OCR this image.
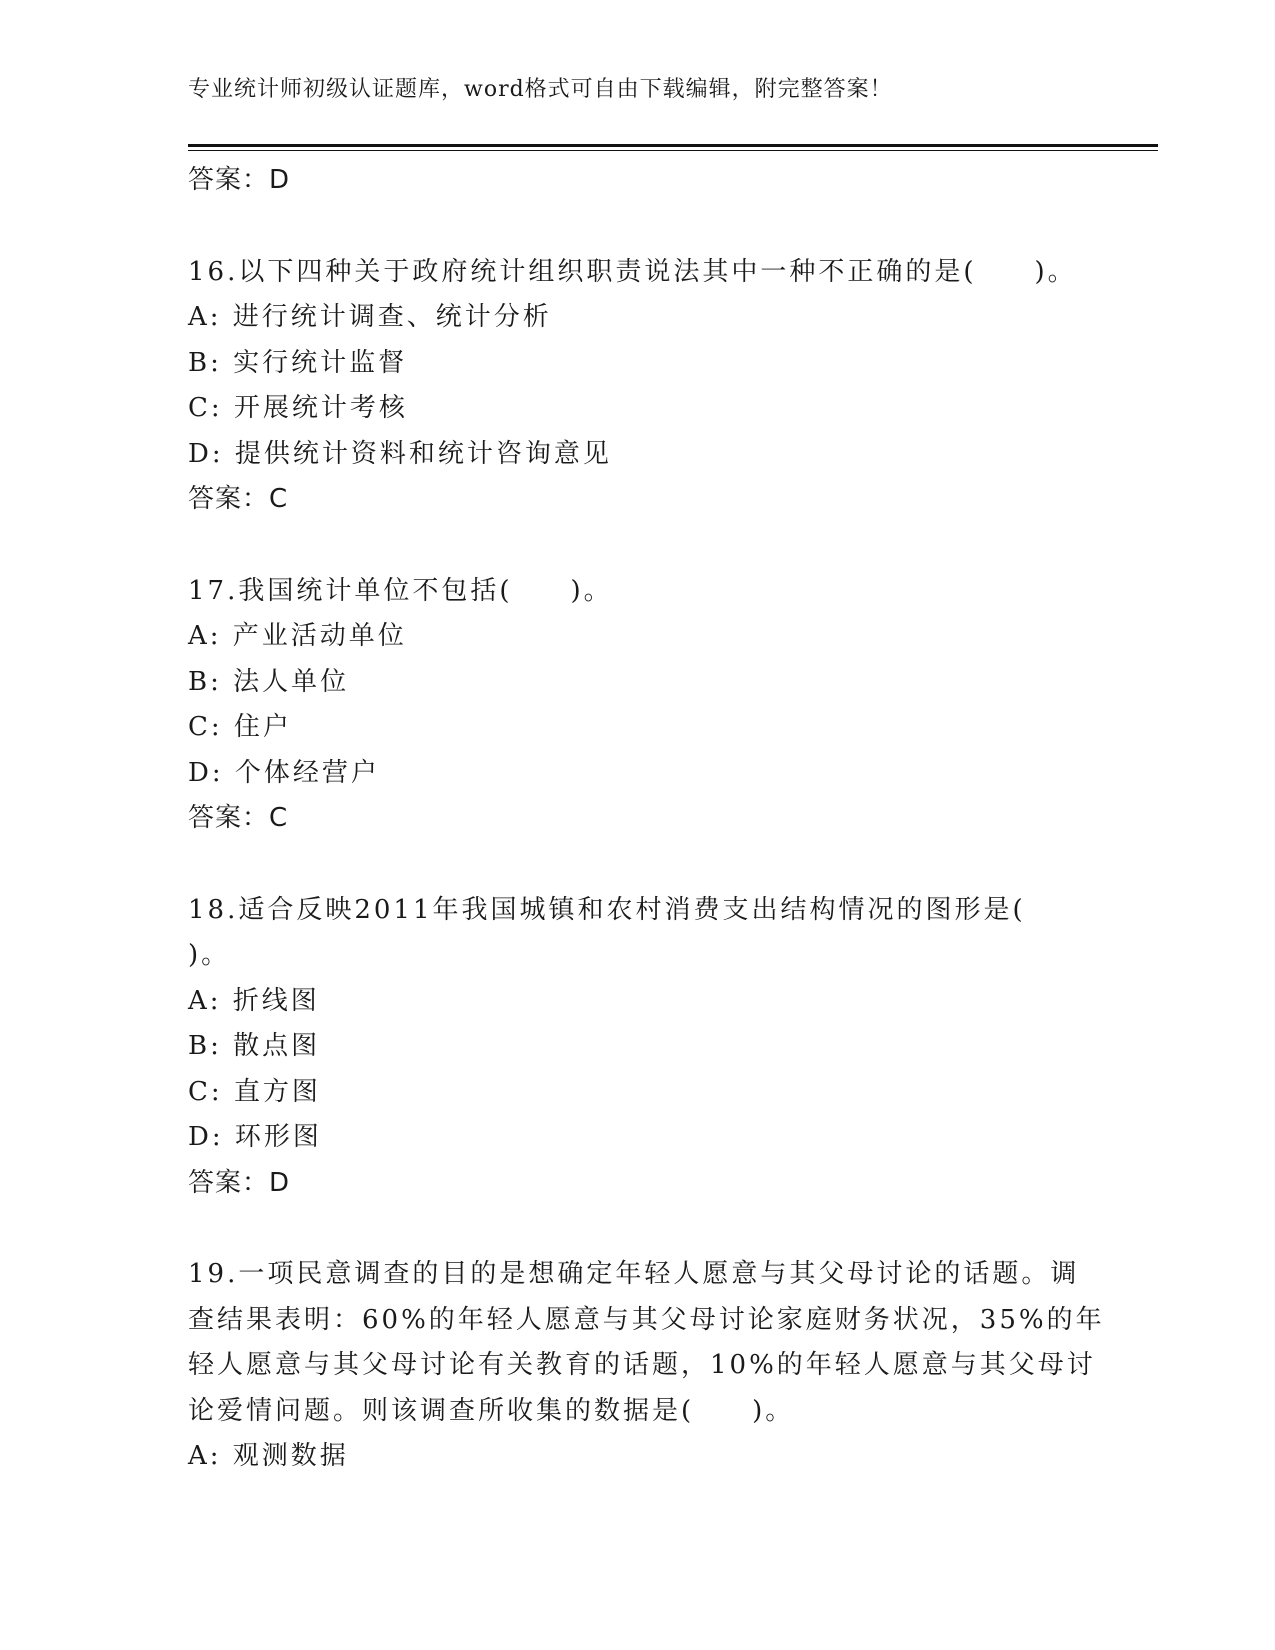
专业统计师初级认证题库，word格式可自由下载编辑，附完整答案！
答案：D
16.以下四种关于政府统计组织职责说法其中一种不正确的是(　　)。
A: 进行统计调查、统计分析
B: 实行统计监督
C: 开展统计考核
D: 提供统计资料和统计咨询意见
答案：C
17.我国统计单位不包括(　　)。
A: 产业活动单位
B: 法人单位
C: 住户
D: 个体经营户
答案：C
18.适合反映2011年我国城镇和农村消费支出结构情况的图形是(
)。
A: 折线图
B: 散点图
C: 直方图
D: 环形图
答案：D
19.一项民意调查的目的是想确定年轻人愿意与其父母讨论的话题。调
查结果表明：60%的年轻人愿意与其父母讨论家庭财务状况，35%的年
轻人愿意与其父母讨论有关教育的话题，10%的年轻人愿意与其父母讨
论爱情问题。则该调查所收集的数据是(　　)。
A: 观测数据
